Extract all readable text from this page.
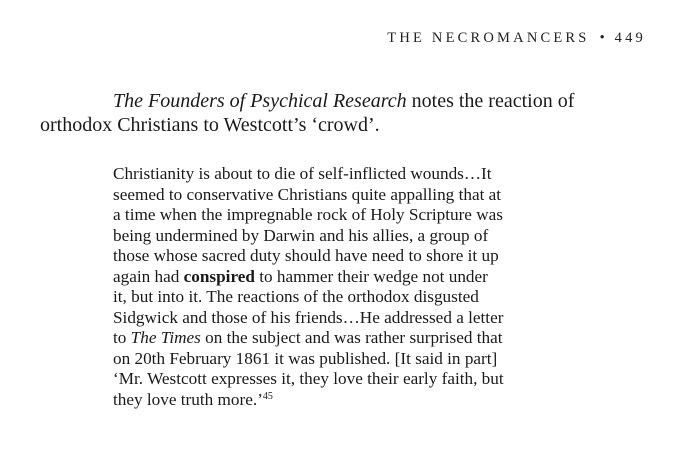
THE NECROMANCERS • 449

The Founders of Psychical Research notes the reaction of
orthodox Christians to Westcott’s ‘crowd’.

Christianity is about to die of self-inflicted wounds…It
seemed to conservative Christians quite appalling that at
a time when the impregnable rock of Holy Scripture was
being undermined by Darwin and his allies, a group of
those whose sacred duty should have need to shore it up
again had conspired to hammer their wedge not under
it, but into it. The reactions of the orthodox disgusted
Sidgwick and those of his friends…He addressed a letter
to The Times on the subject and was rather surprised that
on 20th February 1861 it was published. [It said in part]
‘Mr. Westcott expresses it, they love their early faith, but
they love truth more.’$^{45}$
